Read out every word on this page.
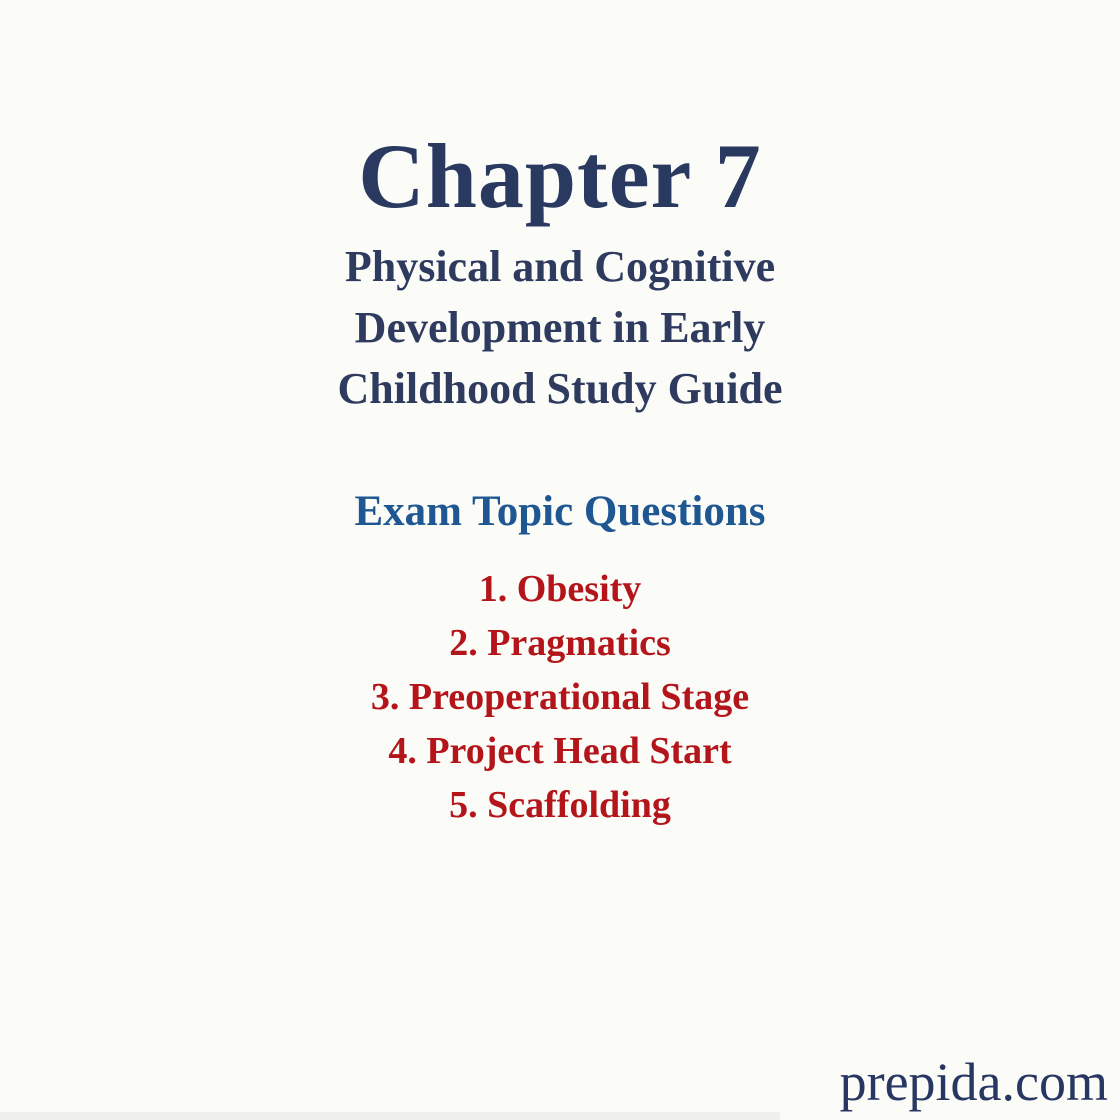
Chapter 7
Physical and Cognitive
Development in Early
Childhood Study Guide
Exam Topic Questions
1. Obesity
2. Pragmatics
3. Preoperational Stage
4. Project Head Start
5. Scaffolding
prepida.com
